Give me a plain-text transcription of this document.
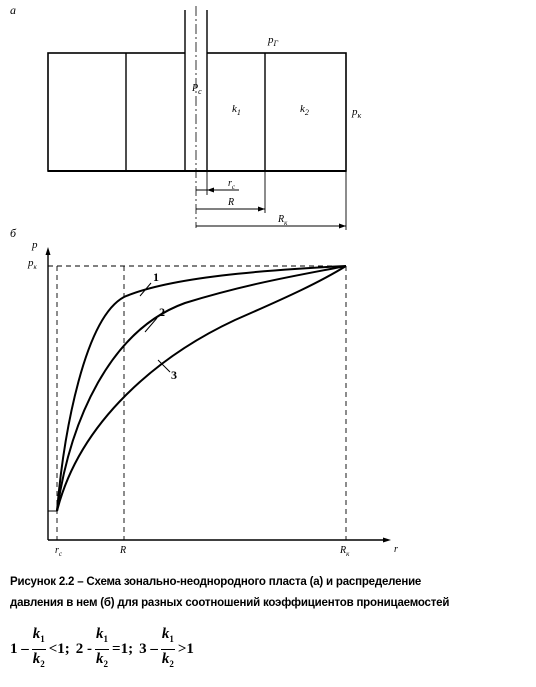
а
$p_Г$
$P_c$
$k_1$	$k_2$	$p_к$
$r_c$
R
$R_к$
б
p
$p_к$
r
$r_c$	R	$R_к$
1
2
3
Рисунок 2.2 – Схема зонально-неоднородного пласта (а) и распределение
давления в нем (б) для разных соотношений коэффициентов проницаемостей
$1 - \frac{k_1}{k_2} <1$; $2 - \frac{k_1}{k_2} =1$; $3 - \frac{k_1}{k_2} >1$
